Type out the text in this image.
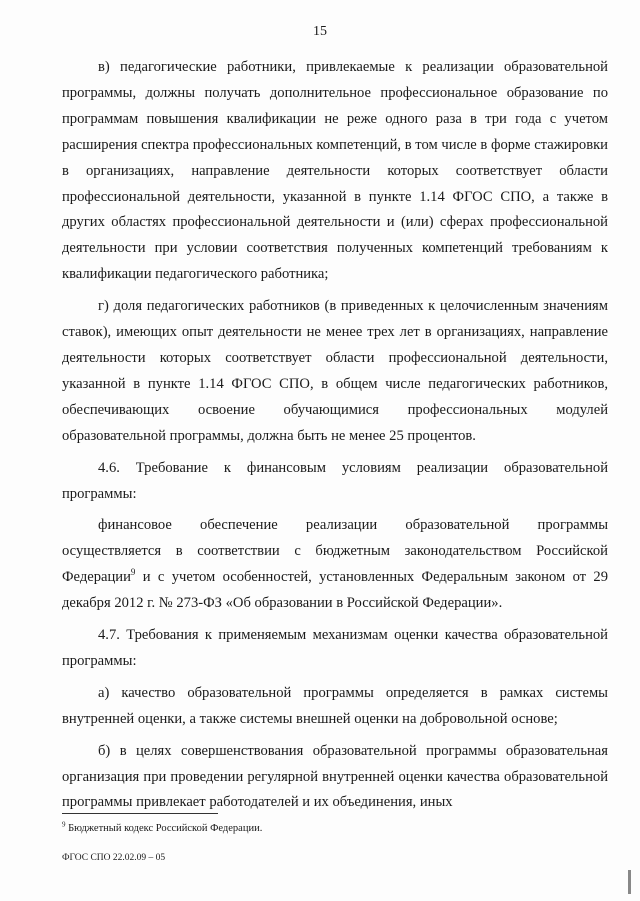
15

в) педагогические работники, привлекаемые к реализации образовательной программы, должны получать дополнительное профессиональное образование по программам повышения квалификации не реже одного раза в три года с учетом расширения спектра профессиональных компетенций, в том числе в форме стажировки в организациях, направление деятельности которых соответствует области профессиональной деятельности, указанной в пункте 1.14 ФГОС СПО, а также в других областях профессиональной деятельности и (или) сферах профессиональной деятельности при условии соответствия полученных компетенций требованиям к квалификации педагогического работника;

г) доля педагогических работников (в приведенных к целочисленным значениям ставок), имеющих опыт деятельности не менее трех лет в организациях, направление деятельности которых соответствует области профессиональной деятельности, указанной в пункте 1.14 ФГОС СПО, в общем числе педагогических работников, обеспечивающих освоение обучающимися профессиональных модулей образовательной программы, должна быть не менее 25 процентов.

4.6. Требование к финансовым условиям реализации образовательной программы:

финансовое обеспечение реализации образовательной программы осуществляется в соответствии с бюджетным законодательством Российской Федерации$^9$ и с учетом особенностей, установленных Федеральным законом от 29 декабря 2012 г. № 273-ФЗ «Об образовании в Российской Федерации».

4.7. Требования к применяемым механизмам оценки качества образовательной программы:

а) качество образовательной программы определяется в рамках системы внутренней оценки, а также системы внешней оценки на добровольной основе;

б) в целях совершенствования образовательной программы образовательная организация при проведении регулярной внутренней оценки качества образовательной программы привлекает работодателей и их объединения, иных

$^9$ Бюджетный кодекс Российской Федерации.
ФГОС СПО 22.02.09 – 05
